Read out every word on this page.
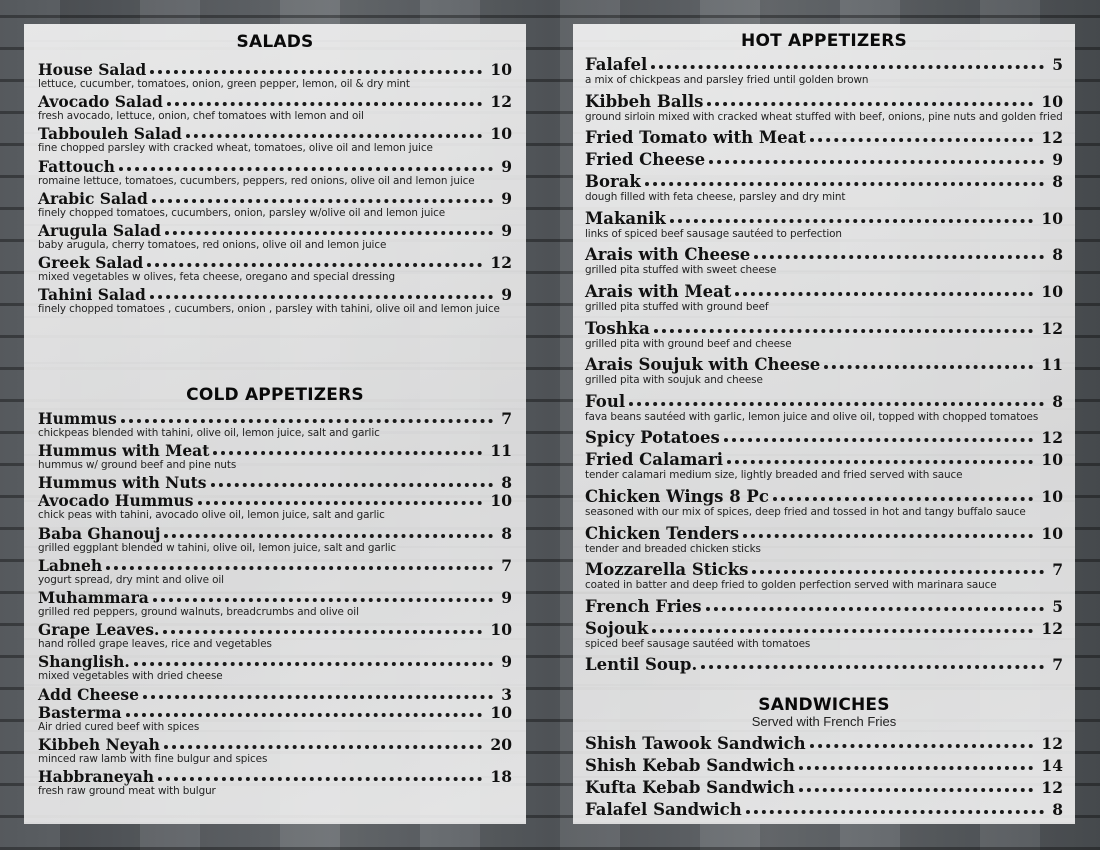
SALADS
House Salad	10
lettuce, cucumber, tomatoes, onion, green pepper, lemon, oil & dry mint
Avocado Salad	12
fresh avocado, lettuce, onion, chef tomatoes with lemon and oil
Tabbouleh Salad	10
fine chopped parsley with cracked wheat, tomatoes, olive oil and lemon juice
Fattouch	9
romaine lettuce, tomatoes, cucumbers, peppers, red onions, olive oil and lemon juice
Arabic Salad	9
finely chopped tomatoes, cucumbers, onion, parsley w/olive oil and lemon juice
Arugula Salad	9
baby arugula, cherry tomatoes, red onions, olive oil and lemon juice
Greek Salad	12
mixed vegetables w olives, feta cheese, oregano and special dressing
Tahini Salad	9
finely chopped tomatoes , cucumbers, onion , parsley with tahini, olive oil and lemon juice
COLD APPETIZERS
Hummus	7
chickpeas blended with tahini, olive oil, lemon juice, salt and garlic
Hummus with Meat	11
hummus w/ ground beef and pine nuts
Hummus with Nuts	8
Avocado Hummus	10
chick peas with tahini, avocado olive oil, lemon juice, salt and garlic
Baba Ghanouj	8
grilled eggplant blended w tahini, olive oil, lemon juice, salt and garlic
Labneh	7
yogurt spread, dry mint and olive oil
Muhammara	9
grilled red peppers, ground walnuts, breadcrumbs and olive oil
Grape Leaves.	10
hand rolled grape leaves, rice and vegetables
Shanglish.	9
mixed vegetables with dried cheese
Add Cheese	3
Basterma	10
Air dried cured beef with spices
Kibbeh Neyah	20
minced raw lamb with fine bulgur and spices
Habbraneyah	18
fresh raw ground meat with bulgur
HOT APPETIZERS
Falafel	5
a mix of chickpeas and parsley fried until golden brown
Kibbeh Balls	10
ground sirloin mixed with cracked wheat stuffed with beef, onions, pine nuts and golden fried
Fried Tomato with Meat	12
Fried Cheese	9
Borak	8
dough filled with feta cheese, parsley and dry mint
Makanik	10
links of spiced beef sausage sautéed to perfection
Arais with Cheese	8
grilled pita stuffed with sweet cheese
Arais with Meat	10
grilled pita stuffed with ground beef
Toshka	12
grilled pita with ground beef and cheese
Arais Soujuk with Cheese	11
grilled pita with soujuk and cheese
Foul	8
fava beans sautéed with garlic, lemon juice and olive oil, topped with chopped tomatoes
Spicy Potatoes	12
Fried Calamari	10
tender calamari medium size, lightly breaded and fried served with sauce
Chicken Wings 8 Pc	10
seasoned with our mix of spices, deep fried and tossed in hot and tangy buffalo sauce
Chicken Tenders	10
tender and breaded chicken sticks
Mozzarella Sticks	7
coated in batter and deep fried to golden perfection served with marinara sauce
French Fries	5
Sojouk	12
spiced beef sausage sautéed with tomatoes
Lentil Soup.	7
SANDWICHES
Served with French Fries
Shish Tawook Sandwich	12
Shish Kebab Sandwich	14
Kufta Kebab Sandwich	12
Falafel Sandwich	8
